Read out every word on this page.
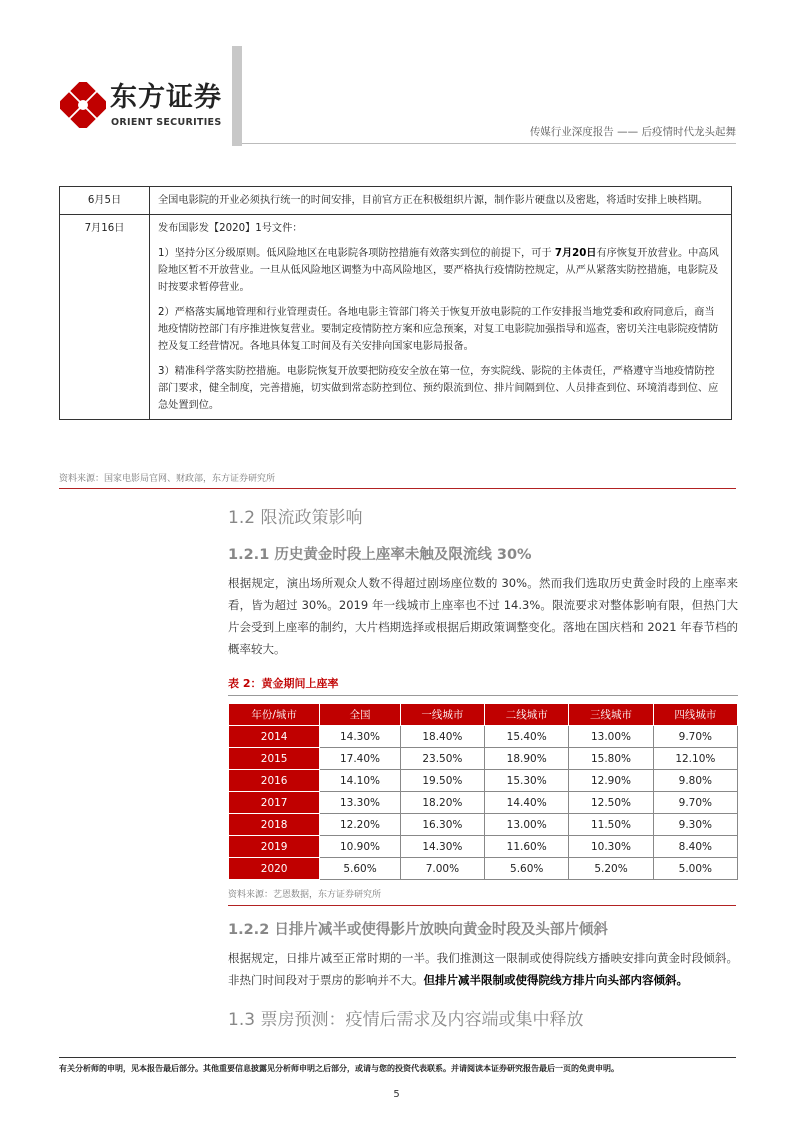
东方证券
ORIENT SECURITIES
传媒行业深度报告 —— 后疫情时代龙头起舞
6月5日	全国电影院的开业必须执行统一的时间安排，目前官方正在积极组织片源，制作影片硬盘以及密匙，将适时安排上映档期。

7月16日	发布国影发【2020】1号文件：
1）坚持分区分级原则。低风险地区在电影院各项防控措施有效落实到位的前提下，可于 7月20日有序恢复开放营业。中高风险地区暂不开放营业。一旦从低风险地区调整为中高风险地区，要严格执行疫情防控规定，从严从紧落实防控措施，电影院及时按要求暂停营业。
2）严格落实属地管理和行业管理责任。各地电影主管部门将关于恢复开放电影院的工作安排报当地党委和政府同意后，商当地疫情防控部门有序推进恢复营业。要制定疫情防控方案和应急预案，对复工电影院加强指导和巡查，密切关注电影院疫情防控及复工经营情况。各地具体复工时间及有关安排向国家电影局报备。
3）精准科学落实防控措施。电影院恢复开放要把防疫安全放在第一位，夯实院线、影院的主体责任，严格遵守当地疫情防控部门要求，健全制度，完善措施，切实做到常态防控到位、预约限流到位、排片间隔到位、人员排查到位、环境消毒到位、应急处置到位。
资料来源：国家电影局官网、财政部，东方证券研究所
1.2 限流政策影响
1.2.1 历史黄金时段上座率未触及限流线 30%
根据规定，演出场所观众人数不得超过剧场座位数的 30%。然而我们选取历史黄金时段的上座率来看，皆为超过 30%。2019 年一线城市上座率也不过 14.3%。限流要求对整体影响有限，但热门大片会受到上座率的制约，大片档期选择或根据后期政策调整变化。落地在国庆档和 2021 年春节档的概率较大。
表 2：黄金期间上座率
年份/城市	全国	一线城市	二线城市	三线城市	四线城市
2014	14.30%	18.40%	15.40%	13.00%	9.70%
2015	17.40%	23.50%	18.90%	15.80%	12.10%
2016	14.10%	19.50%	15.30%	12.90%	9.80%
2017	13.30%	18.20%	14.40%	12.50%	9.70%
2018	12.20%	16.30%	13.00%	11.50%	9.30%
2019	10.90%	14.30%	11.60%	10.30%	8.40%
2020	5.60%	7.00%	5.60%	5.20%	5.00%
资料来源：艺恩数据，东方证券研究所
1.2.2 日排片减半或使得影片放映向黄金时段及头部片倾斜
根据规定，日排片减至正常时期的一半。我们推测这一限制或使得院线方播映安排向黄金时段倾斜。非热门时间段对于票房的影响并不大。但排片减半限制或使得院线方排片向头部内容倾斜。
1.3 票房预测：疫情后需求及内容端或集中释放
有关分析师的申明，见本报告最后部分。其他重要信息披露见分析师申明之后部分，或请与您的投资代表联系。并请阅读本证券研究报告最后一页的免责申明。
5
